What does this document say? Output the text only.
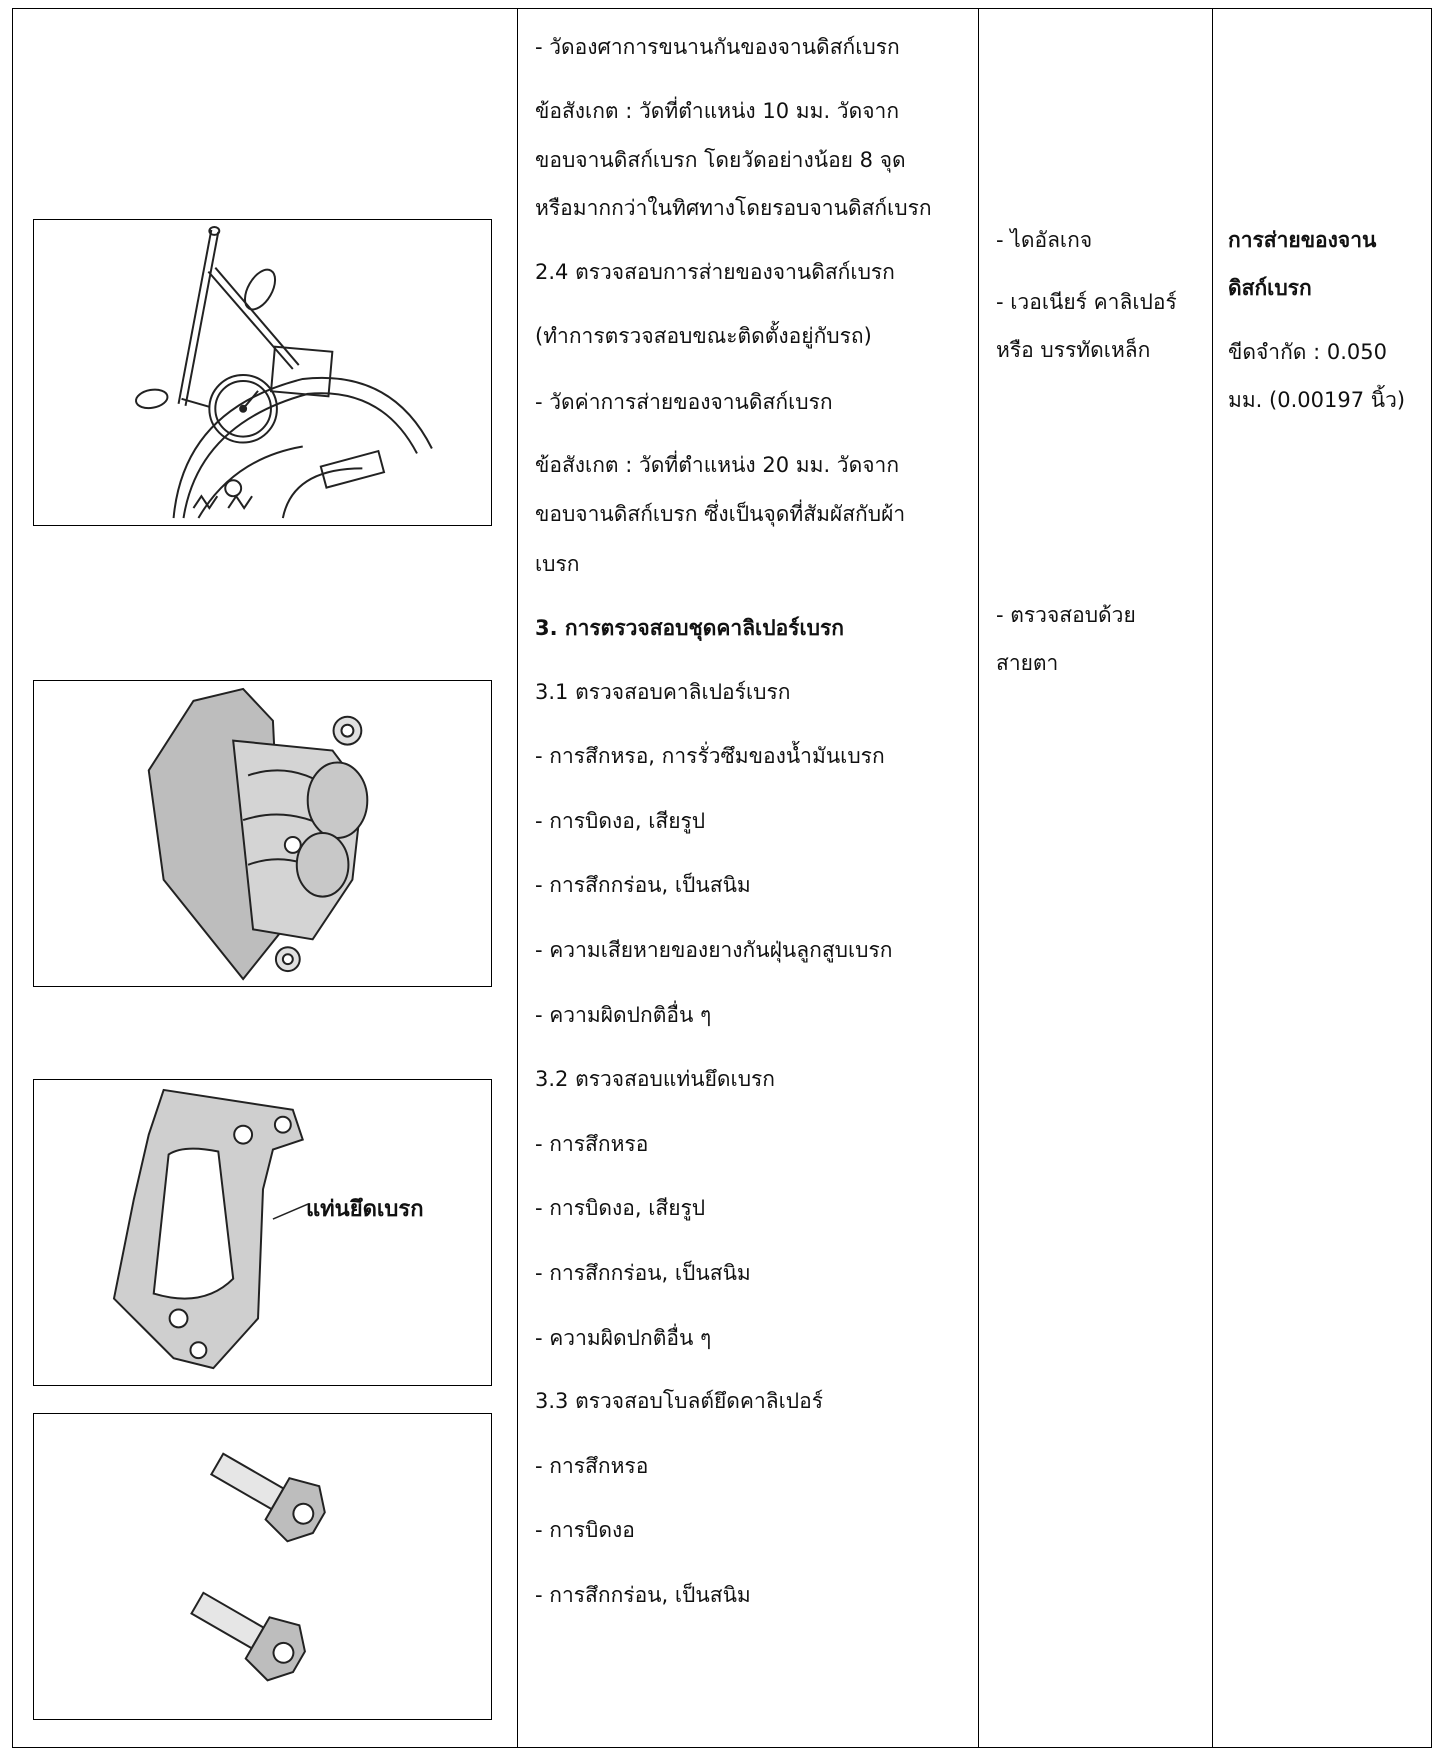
แท่นยึดเบรก
- วัดองศาการขนานกันของจานดิสก์เบรก
ข้อสังเกต : วัดที่ตำแหน่ง 10 มม. วัดจาก
ขอบจานดิสก์เบรก โดยวัดอย่างน้อย 8 จุด
หรือมากกว่าในทิศทางโดยรอบจานดิสก์เบรก
2.4 ตรวจสอบการส่ายของจานดิสก์เบรก
(ทำการตรวจสอบขณะติดตั้งอยู่กับรถ)
- วัดค่าการส่ายของจานดิสก์เบรก
ข้อสังเกต : วัดที่ตำแหน่ง 20 มม. วัดจาก
ขอบจานดิสก์เบรก ซึ่งเป็นจุดที่สัมผัสกับผ้า
เบรก
3. การตรวจสอบชุดคาลิเปอร์เบรก
3.1 ตรวจสอบคาลิเปอร์เบรก
- การสึกหรอ, การรั่วซึมของน้ำมันเบรก
- การบิดงอ, เสียรูป
- การสึกกร่อน, เป็นสนิม
- ความเสียหายของยางกันฝุ่นลูกสูบเบรก
- ความผิดปกติอื่น ๆ
3.2 ตรวจสอบแท่นยึดเบรก
- การสึกหรอ
- การบิดงอ, เสียรูป
- การสึกกร่อน, เป็นสนิม
- ความผิดปกติอื่น ๆ
3.3 ตรวจสอบโบลต์ยึดคาลิเปอร์
- การสึกหรอ
- การบิดงอ
- การสึกกร่อน, เป็นสนิม
- ไดอัลเกจ
- เวอเนียร์ คาลิเปอร์
หรือ บรรทัดเหล็ก
- ตรวจสอบด้วย
สายตา
การส่ายของจาน
ดิสก์เบรก
ขีดจำกัด : 0.050
มม. (0.00197 นิ้ว)
